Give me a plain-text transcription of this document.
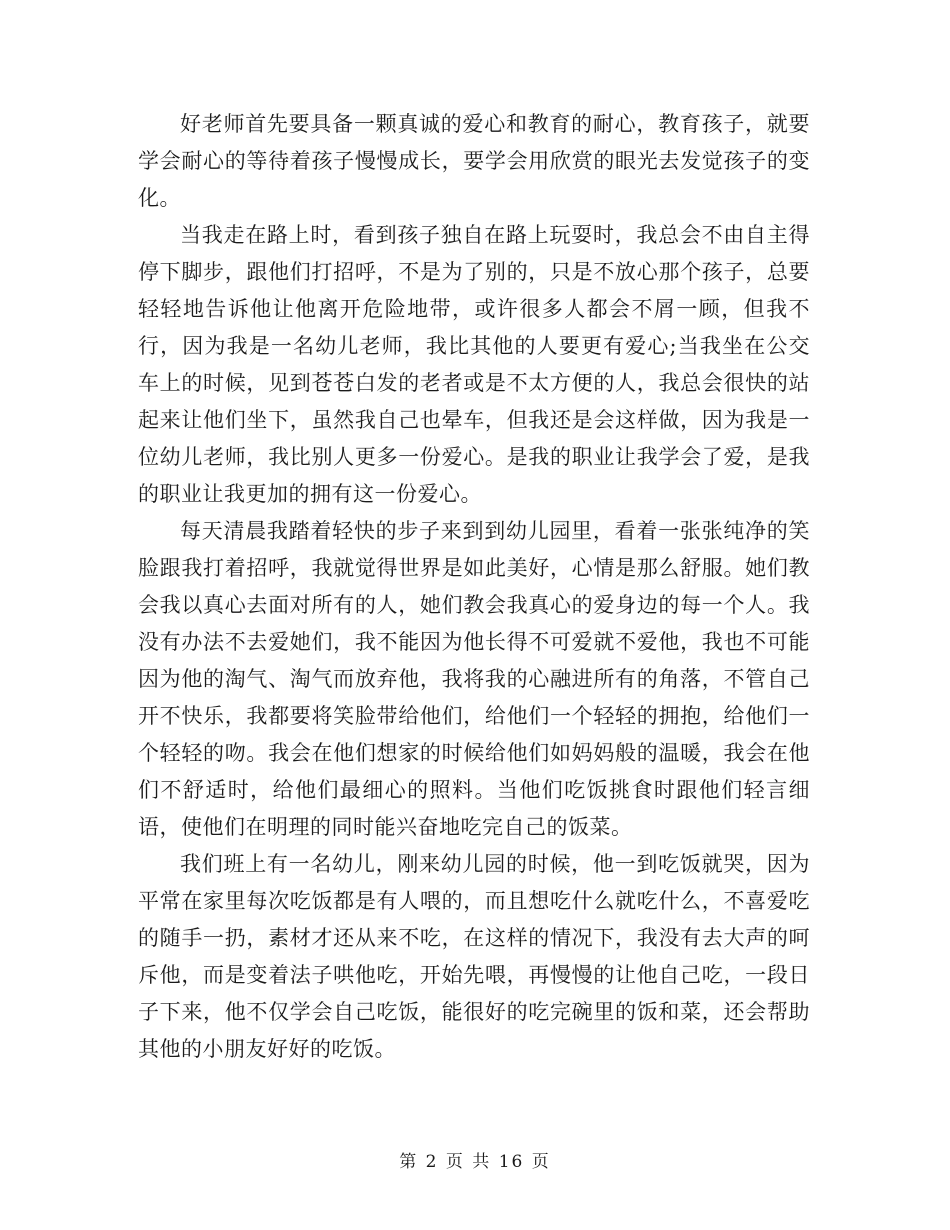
好老师首先要具备一颗真诚的爱心和教育的耐心，教育孩子，就要学会耐心的等待着孩子慢慢成长，要学会用欣赏的眼光去发觉孩子的变化。

当我走在路上时，看到孩子独自在路上玩耍时，我总会不由自主得停下脚步，跟他们打招呼，不是为了别的，只是不放心那个孩子，总要轻轻地告诉他让他离开危险地带，或许很多人都会不屑一顾，但我不行，因为我是一名幼儿老师，我比其他的人要更有爱心;当我坐在公交车上的时候，见到苍苍白发的老者或是不太方便的人，我总会很快的站起来让他们坐下，虽然我自己也晕车，但我还是会这样做，因为我是一位幼儿老师，我比别人更多一份爱心。是我的职业让我学会了爱，是我的职业让我更加的拥有这一份爱心。

每天清晨我踏着轻快的步子来到到幼儿园里，看着一张张纯净的笑脸跟我打着招呼，我就觉得世界是如此美好，心情是那么舒服。她们教会我以真心去面对所有的人，她们教会我真心的爱身边的每一个人。我没有办法不去爱她们，我不能因为他长得不可爱就不爱他，我也不可能因为他的淘气、淘气而放弃他，我将我的心融进所有的角落，不管自己开不快乐，我都要将笑脸带给他们，给他们一个轻轻的拥抱，给他们一个轻轻的吻。我会在他们想家的时候给他们如妈妈般的温暖，我会在他们不舒适时，给他们最细心的照料。当他们吃饭挑食时跟他们轻言细语，使他们在明理的同时能兴奋地吃完自己的饭菜。

我们班上有一名幼儿，刚来幼儿园的时候，他一到吃饭就哭，因为平常在家里每次吃饭都是有人喂的，而且想吃什么就吃什么，不喜爱吃的随手一扔，素材才还从来不吃，在这样的情况下，我没有去大声的呵斥他，而是变着法子哄他吃，开始先喂，再慢慢的让他自己吃，一段日子下来，他不仅学会自己吃饭，能很好的吃完碗里的饭和菜，还会帮助其他的小朋友好好的吃饭。

第 2 页 共 16 页
